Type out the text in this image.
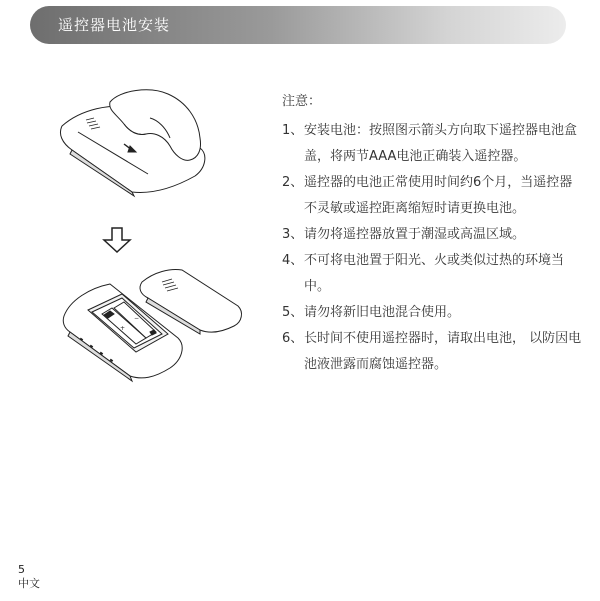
遥控器电池安装
+
−
注意：
1、 安装电池：按照图示箭头方向取下遥控器电池盒盖，将两节AAA电池正确装入遥控器。
2、 遥控器的电池正常使用时间约6个月，当遥控器不灵敏或遥控距离缩短时请更换电池。
3、 请勿将遥控器放置于潮湿或高温区域。
4、 不可将电池置于阳光、火或类似过热的环境当中。
5、 请勿将新旧电池混合使用。
6、 长时间不使用遥控器时，请取出电池， 以防因电池液泄露而腐蚀遥控器。
5
中文
